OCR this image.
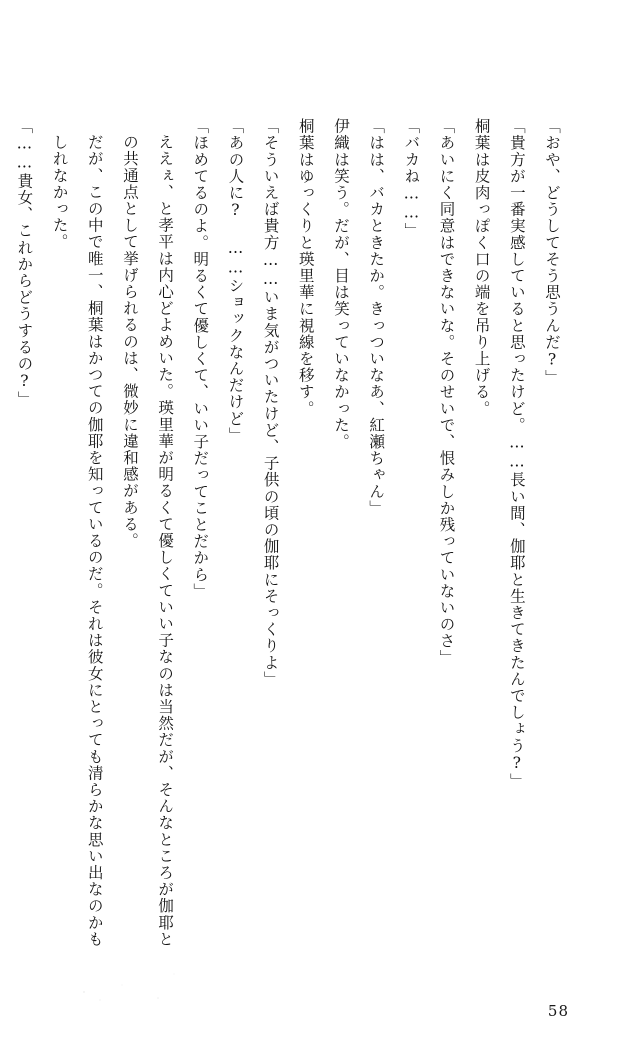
「おや、どうしてそう思うんだ?」

「貴方が一番実感していると思ったけど。……長い間、伽耶と生きてきたんでしょう?」

桐葉は皮肉っぽく口の端を吊り上げる。

「あいにく同意はできないな。そのせいで、恨みしか残っていないのさ」

「バカね……」

「はは、バカときたか。きっついなあ、紅瀬ちゃん」

伊織は笑う。だが、目は笑っていなかった。

桐葉はゆっくりと瑛里華に視線を移す。

「そういえば貴方……いま気がついたけど、子供の頃の伽耶にそっくりよ」

「あの人に? ……ショックなんだけど」

「ほめてるのよ。明るくて優しくて、いい子だってことだから」

ええぇ、と孝平は内心どよめいた。瑛里華が明るくて優しくていい子なのは当然だが、そんなところが伽耶との共通点として挙げられるのは、微妙に違和感がある。

だが、この中で唯一、桐葉はかつての伽耶を知っているのだ。それは彼女にとっても清らかな思い出なのかもしれなかった。

「……貴女、これからどうするの?」

58
